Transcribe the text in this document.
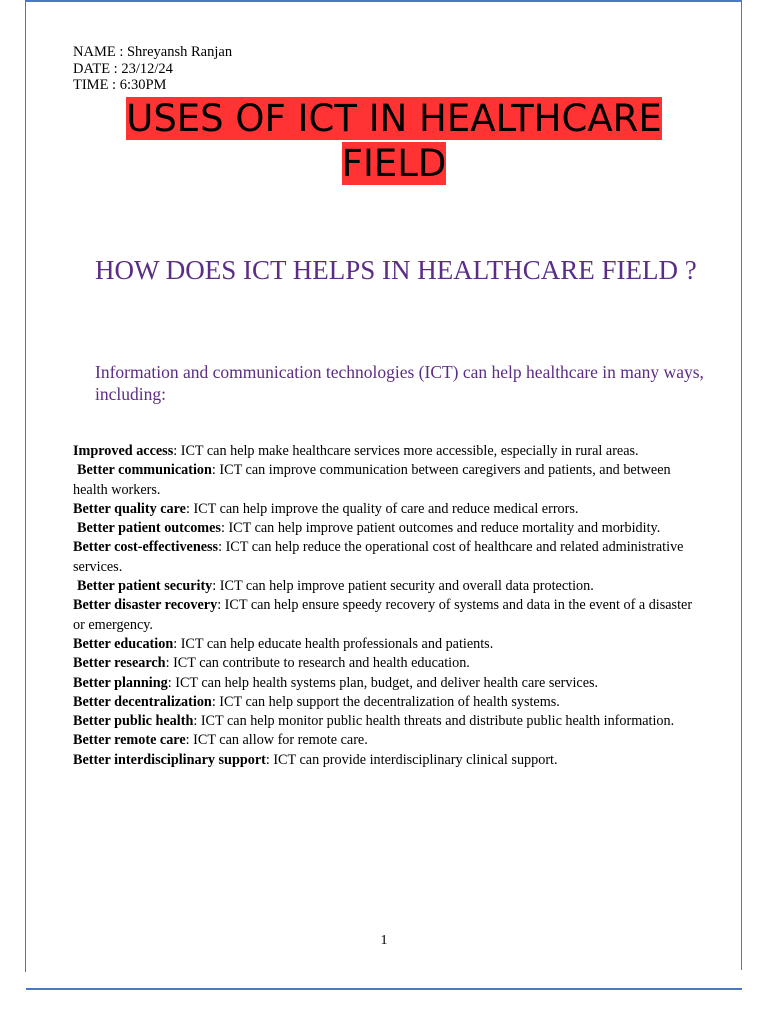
NAME : Shreyansh Ranjan
DATE : 23/12/24
TIME : 6:30PM
USES OF ICT IN HEALTHCARE FIELD
HOW DOES ICT HELPS IN HEALTHCARE FIELD ?
Information and communication technologies (ICT) can help healthcare in many ways, including:
Improved access: ICT can help make healthcare services more accessible, especially in rural areas.
Better communication: ICT can improve communication between caregivers and patients, and between health workers.
Better quality care: ICT can help improve the quality of care and reduce medical errors.
Better patient outcomes: ICT can help improve patient outcomes and reduce mortality and morbidity.
Better cost-effectiveness: ICT can help reduce the operational cost of healthcare and related administrative services.
Better patient security: ICT can help improve patient security and overall data protection.
Better disaster recovery: ICT can help ensure speedy recovery of systems and data in the event of a disaster or emergency.
Better education: ICT can help educate health professionals and patients.
Better research: ICT can contribute to research and health education.
Better planning: ICT can help health systems plan, budget, and deliver health care services.
Better decentralization: ICT can help support the decentralization of health systems.
Better public health: ICT can help monitor public health threats and distribute public health information.
Better remote care: ICT can allow for remote care.
Better interdisciplinary support: ICT can provide interdisciplinary clinical support.
1
